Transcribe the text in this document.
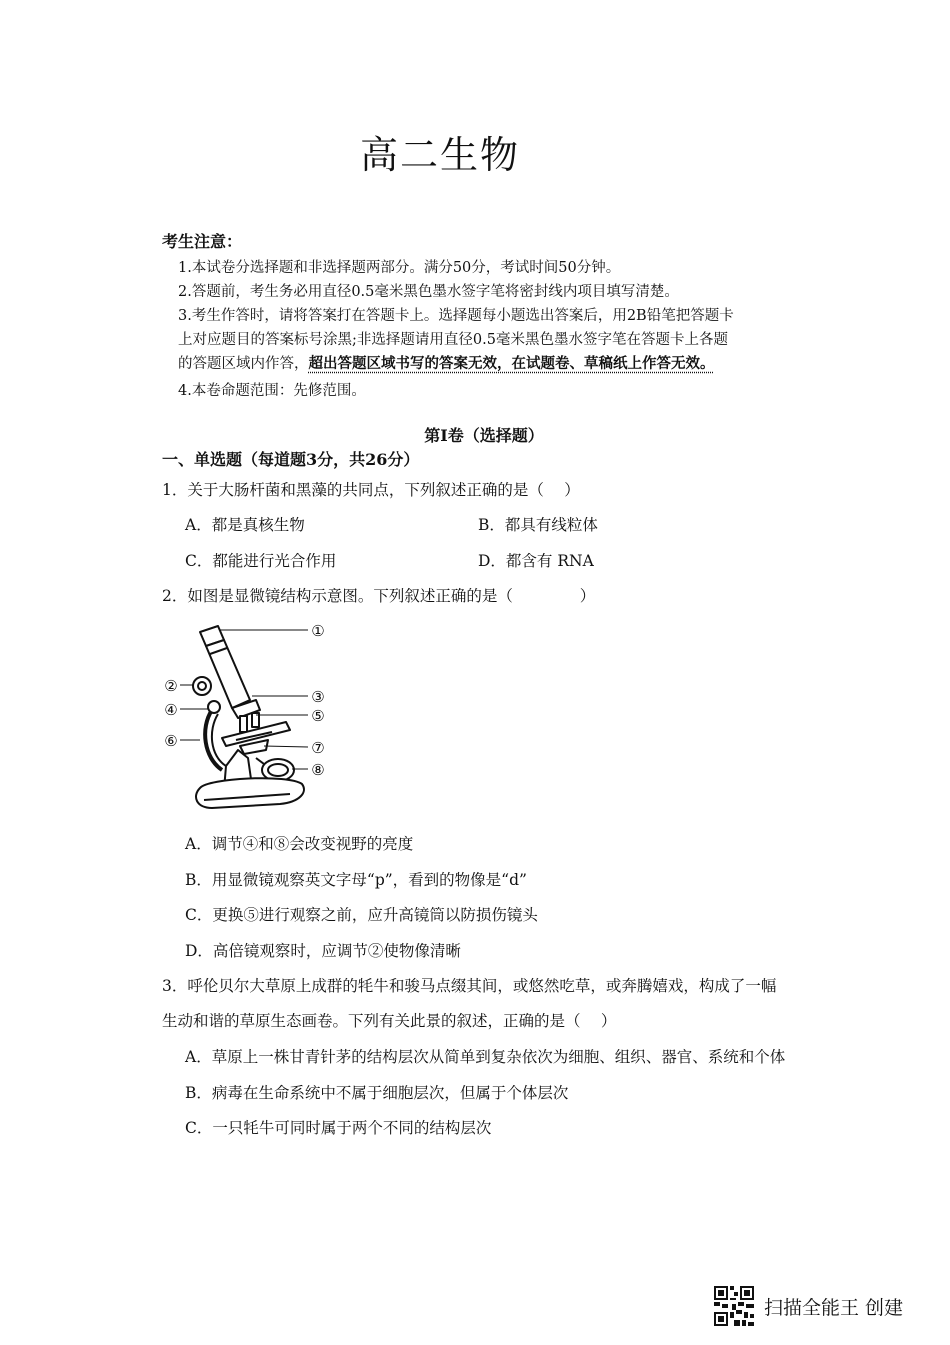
高二生物
考生注意：
1.本试卷分选择题和非选择题两部分。满分50分，考试时间50分钟。
2.答题前，考生务必用直径0.5毫米黑色墨水签字笔将密封线内项目填写清楚。
3.考生作答时，请将答案打在答题卡上。选择题每小题选出答案后，用2B铅笔把答题卡
上对应题目的答案标号涂黑;非选择题请用直径0.5毫米黑色墨水签字笔在答题卡上各题
的答题区域内作答，超出答题区域书写的答案无效，在试题卷、草稿纸上作答无效。
4.本卷命题范围：先修范围。
第Ⅰ卷（选择题）
一、单选题（每道题3分，共26分）
1．关于大肠杆菌和黑藻的共同点，下列叙述正确的是（　 ）
A．都是真核生物	B．都具有线粒体
C．都能进行光合作用	D．都含有 RNA
2．如图是显微镜结构示意图。下列叙述正确的是（　　　　 ）
①
②
③
④	⑤
⑥	⑦
⑧
A．调节④和⑧会改变视野的亮度
B．用显微镜观察英文字母“p”，看到的物像是“d”
C．更换⑤进行观察之前，应升高镜筒以防损伤镜头
D．高倍镜观察时，应调节②使物像清晰
3．呼伦贝尔大草原上成群的牦牛和骏马点缀其间，或悠然吃草，或奔腾嬉戏，构成了一幅
生动和谐的草原生态画卷。下列有关此景的叙述，正确的是（　 ）
A．草原上一株甘青针茅的结构层次从简单到复杂依次为细胞、组织、器官、系统和个体
B．病毒在生命系统中不属于细胞层次，但属于个体层次
C．一只牦牛可同时属于两个不同的结构层次
扫描全能王 创建
